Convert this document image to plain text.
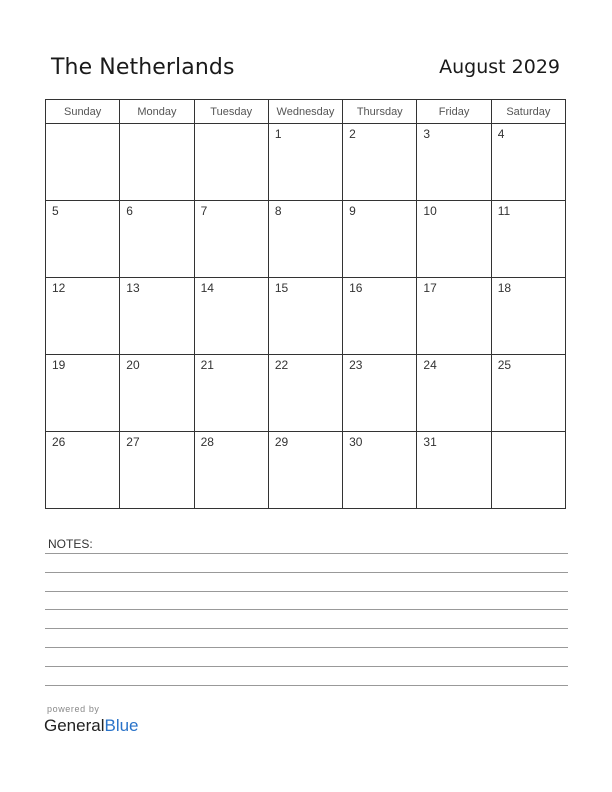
The Netherlands	August 2029
Sunday	Monday	Tuesday	Wednesday	Thursday	Friday	Saturday

			1	2	3	4

5	6	7	8	9	10	11

12	13	14	15	16	17	18

19	20	21	22	23	24	25

26	27	28	29	30	31	

NOTES:
powered by
GeneralBlue
